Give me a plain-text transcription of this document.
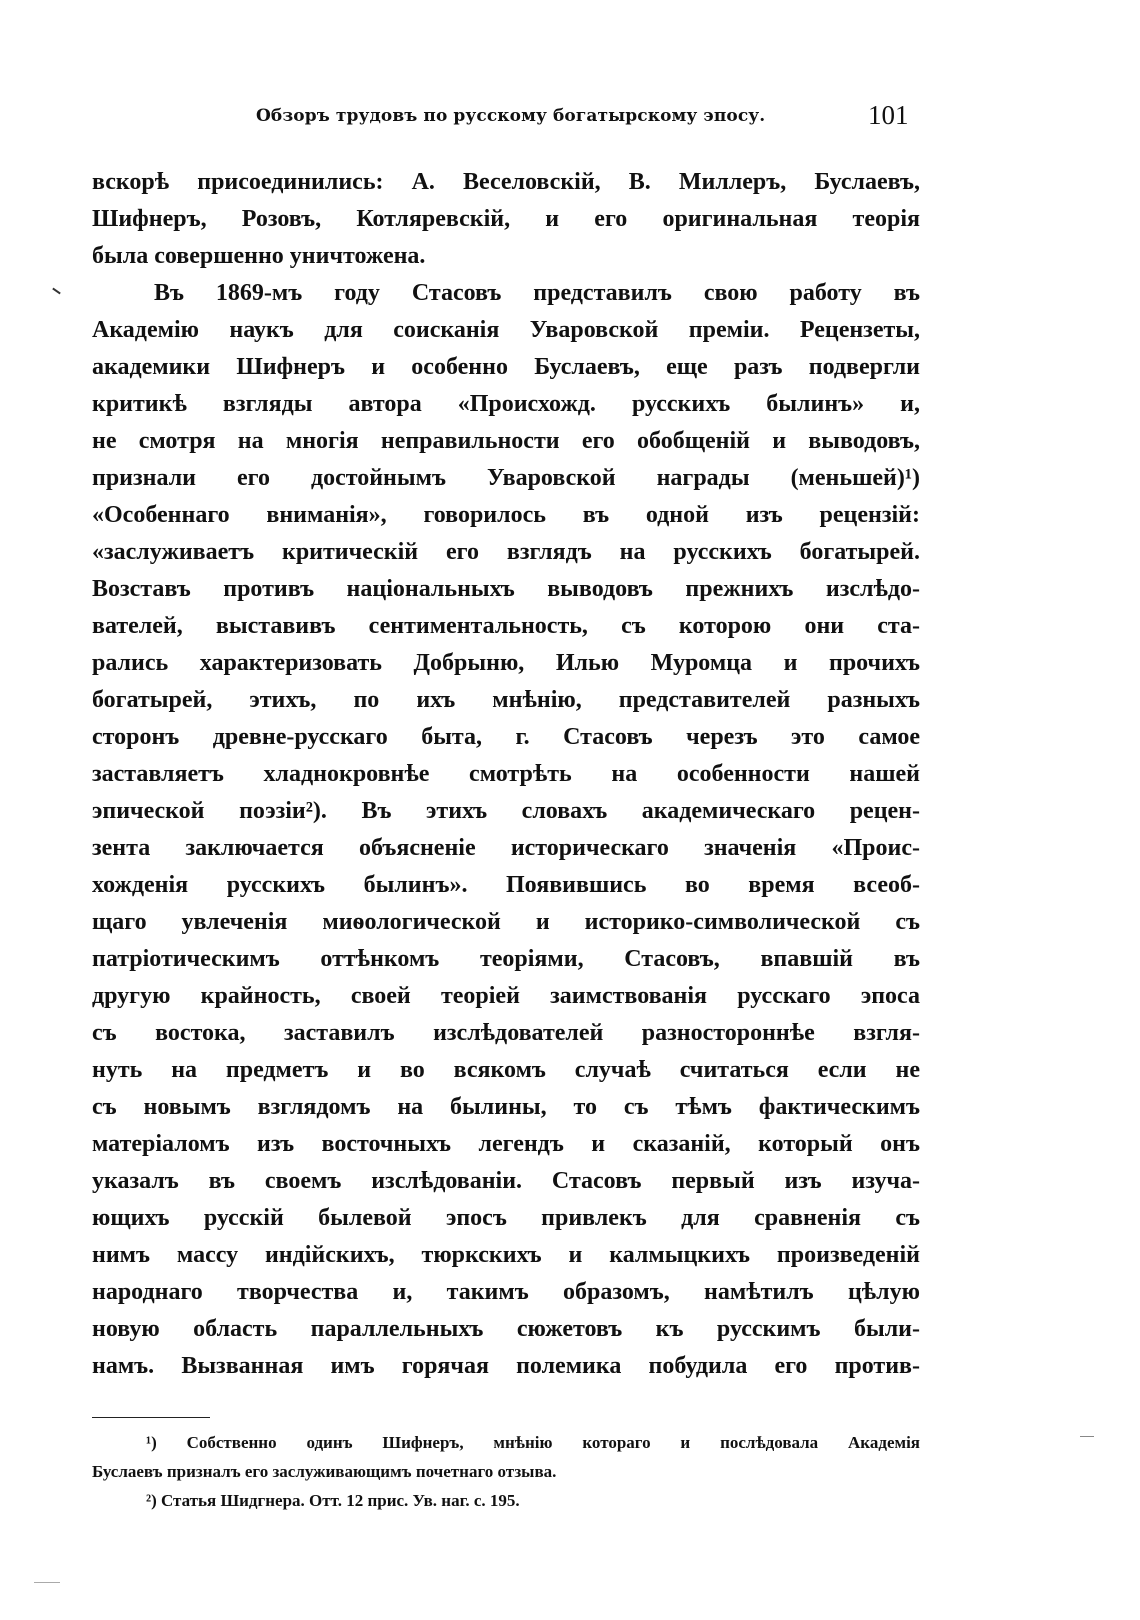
Обзоръ трудовъ по русскому богатырскому эпосу.	101
вскорѣ присоединились: А. Веселовскій, В. Миллеръ, Буслаевъ,
Шифнеръ, Розовъ, Котляревскій, и его оригинальная теорія
была совершенно уничтожена.
Въ 1869-мъ году Стасовъ представилъ свою работу въ
Академію наукъ для соисканія Уваровской преміи. Рецензеты,
академики Шифнеръ и особенно Буслаевъ, еще разъ подвергли
критикѣ взгляды автора «Происхожд. русскихъ былинъ» и,
не смотря на многія неправильности его обобщеній и выводовъ,
признали его достойнымъ Уваровской награды (меньшей)¹)
«Особеннаго вниманія», говорилось въ одной изъ рецензій:
«заслуживаетъ критическій его взглядъ на русскихъ богатырей.
Возставъ противъ національныхъ выводовъ прежнихъ изслѣдо-
вателей, выставивъ сентиментальность, съ которою они ста-
рались характеризовать Добрыню, Илью Муромца и прочихъ
богатырей, этихъ, по ихъ мнѣнію, представителей разныхъ
сторонъ древне-русскаго быта, г. Стасовъ черезъ это самое
заставляетъ хладнокровнѣе смотрѣть на особенности нашей
эпической поэзіи²). Въ этихъ словахъ академическаго рецен-
зента заключается объясненіе историческаго значенія «Проис-
хожденія русскихъ былинъ». Появившись во время всеоб-
щаго увлеченія миѳологической и историко-символической съ
патріотическимъ оттѣнкомъ теоріями, Стасовъ, впавшій въ
другую крайность, своей теоріей заимствованія русскаго эпоса
съ востока, заставилъ изслѣдователей разностороннѣе взгля-
нуть на предметъ и во всякомъ случаѣ считаться если не
съ новымъ взглядомъ на былины, то съ тѣмъ фактическимъ
матеріаломъ изъ восточныхъ легендъ и сказаній, который онъ
указалъ въ своемъ изслѣдованіи. Стасовъ первый изъ изуча-
ющихъ русскій былевой эпосъ привлекъ для сравненія съ
нимъ массу индійскихъ, тюркскихъ и калмыцкихъ произведеній
народнаго творчества и, такимъ образомъ, намѣтилъ цѣлую
новую область параллельныхъ сюжетовъ къ русскимъ были-
намъ. Вызванная имъ горячая полемика побудила его против-
¹) Собственно одинъ Шифнеръ, мнѣнію котораго и послѣдовала Академія
Буслаевъ призналъ его заслуживающимъ почетнаго отзыва.
²) Статья Шидгнера. Отт. 12 прис. Ув. наг. с. 195.
